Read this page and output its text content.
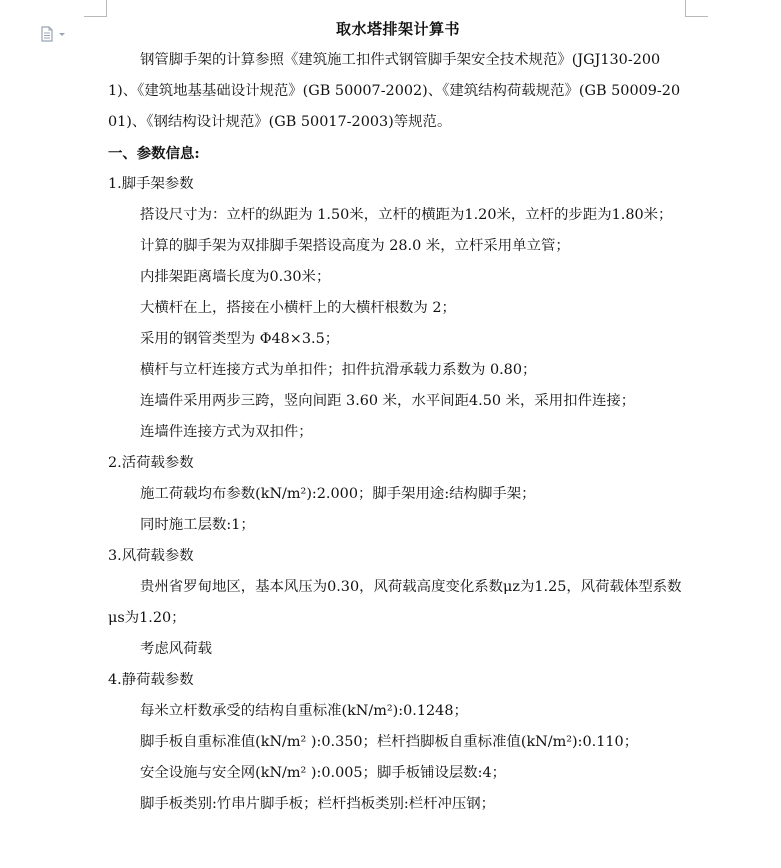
取水塔排架计算书

钢管脚手架的计算参照《建筑施工扣件式钢管脚手架安全技术规范》(JGJ130-2001)、《建筑地基基础设计规范》(GB 50007-2002)、《建筑结构荷载规范》(GB 50009-2001)、《钢结构设计规范》(GB 50017-2003)等规范。

一、参数信息:

1.脚手架参数

搭设尺寸为：立杆的纵距为 1.50米，立杆的横距为1.20米，立杆的步距为1.80米；

计算的脚手架为双排脚手架搭设高度为 28.0 米，立杆采用单立管；

内排架距离墙长度为0.30米；

大横杆在上，搭接在小横杆上的大横杆根数为 2；

采用的钢管类型为 Φ48×3.5；

横杆与立杆连接方式为单扣件；扣件抗滑承载力系数为 0.80；

连墙件采用两步三跨，竖向间距 3.60 米，水平间距4.50 米，采用扣件连接；

连墙件连接方式为双扣件；

2.活荷载参数

施工荷载均布参数(kN/m²):2.000；脚手架用途:结构脚手架；

同时施工层数:1；

3.风荷载参数

贵州省罗甸地区，基本风压为0.30，风荷载高度变化系数μz为1.25，风荷载体型系数μs为1.20；

考虑风荷载

4.静荷载参数

每米立杆数承受的结构自重标准(kN/m²):0.1248；

脚手板自重标准值(kN/m² ):0.350；栏杆挡脚板自重标准值(kN/m²):0.110；

安全设施与安全网(kN/m² ):0.005；脚手板铺设层数:4；

脚手板类别:竹串片脚手板；栏杆挡板类别:栏杆冲压钢；
